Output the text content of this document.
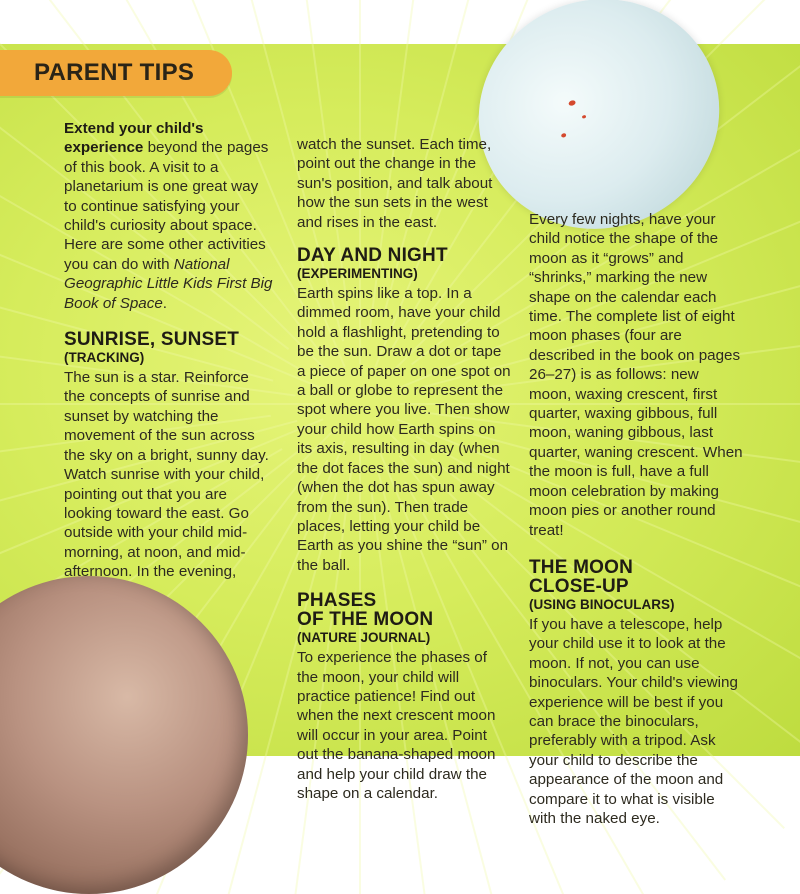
PARENT TIPS

Extend your child's experience beyond the pages of this book. A visit to a planetarium is one great way to continue satisfying your child's curiosity about space. Here are some other activities you can do with National Geographic Little Kids First Big Book of Space.

SUNRISE, SUNSET
(TRACKING)

The sun is a star. Reinforce the concepts of sunrise and sunset by watching the movement of the sun across the sky on a bright, sunny day. Watch sunrise with your child, pointing out that you are looking toward the east. Go outside with your child mid-morning, at noon, and mid-afternoon. In the evening,

watch the sunset. Each time, point out the change in the sun's position, and talk about how the sun sets in the west and rises in the east.

DAY AND NIGHT
(EXPERIMENTING)

Earth spins like a top. In a dimmed room, have your child hold a flashlight, pretending to be the sun. Draw a dot or tape a piece of paper on one spot on a ball or globe to represent the spot where you live. Then show your child how Earth spins on its axis, resulting in day (when the dot faces the sun) and night (when the dot has spun away from the sun). Then trade places, letting your child be Earth as you shine the “sun” on the ball.

PHASES
OF THE MOON
(NATURE JOURNAL)

To experience the phases of the moon, your child will practice patience! Find out when the next crescent moon will occur in your area. Point out the banana-shaped moon and help your child draw the shape on a calendar.

Every few nights, have your child notice the shape of the moon as it “grows” and “shrinks,” marking the new shape on the calendar each time. The complete list of eight moon phases (four are described in the book on pages 26–27) is as follows: new moon, waxing crescent, first quarter, waxing gibbous, full moon, waning gibbous, last quarter, waning crescent. When the moon is full, have a full moon celebration by making moon pies or another round treat!

THE MOON
CLOSE-UP
(USING BINOCULARS)

If you have a telescope, help your child use it to look at the moon. If not, you can use binoculars. Your child's viewing experience will be best if you can brace the binoculars, preferably with a tripod. Ask your child to describe the appearance of the moon and compare it to what is visible with the naked eye.
